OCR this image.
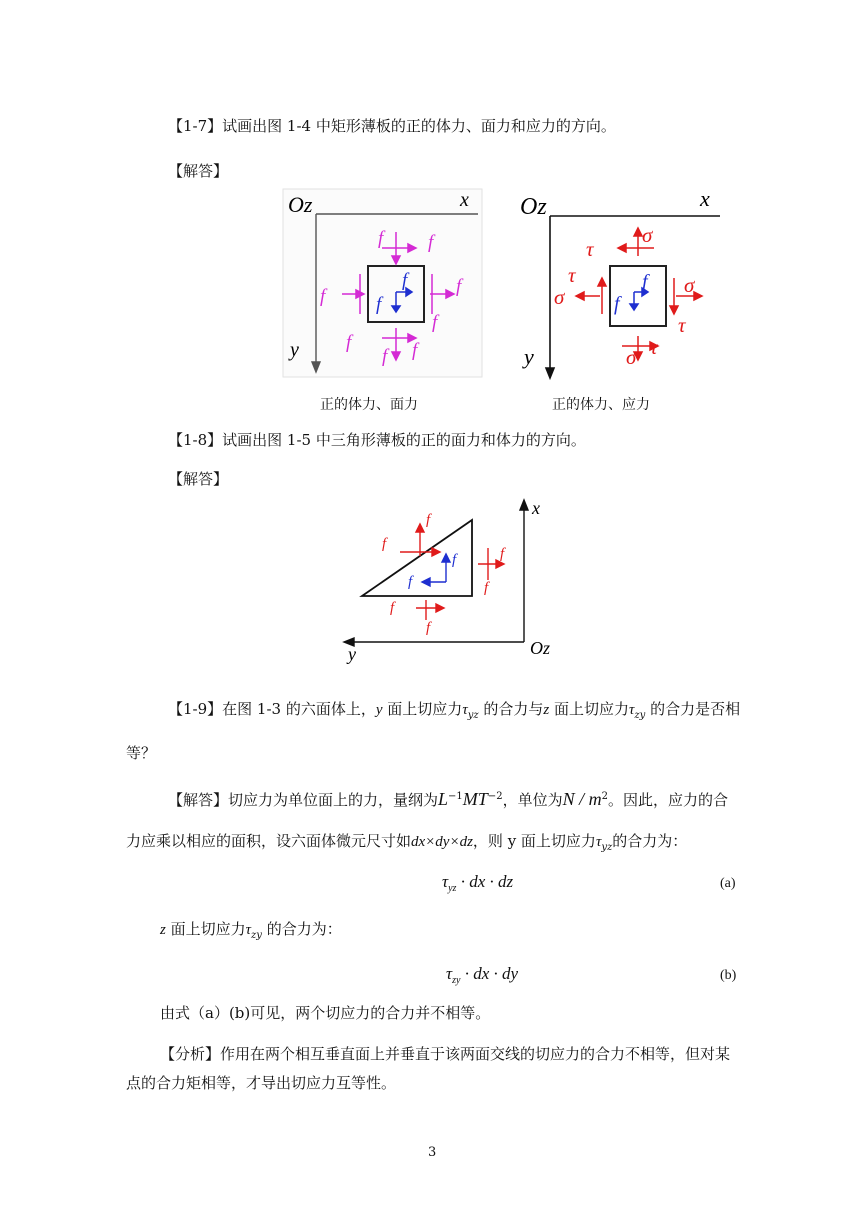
【1-7】试画出图 1-4 中矩形薄板的正的体力、面力和应力的方向。
【解答】
Oz	x
y
f f
f	f
f
f f
f
f
f
Oz	x
y
σ
σ
σ
σ
τ
τ
τ
τ
f
f
正的体力、面力	正的体力、应力
【1-8】试画出图 1-5 中三角形薄板的正的面力和体力的方向。
【解答】
x
y	Oz
f
f
f
f
f
f
f
f
【1-9】在图 1-3 的六面体上，y 面上切应力$\tau_{yz}$ 的合力与z 面上切应力$\tau_{zy}$ 的合力是否相
等？
【解答】切应力为单位面上的力，量纲为$L^{-1}MT^{-2}$，单位为N / $m^2$。因此，应力的合
力应乘以相应的面积，设六面体微元尺寸如dx×dy×dz，则 y 面上切应力$\tau_{yz}$的合力为：
$\tau_{yz}$ · dx · dz	(a)
z 面上切应力$\tau_{zy}$ 的合力为：
$\tau_{zy}$ · dx · dy	(b)
由式（a）(b)可见，两个切应力的合力并不相等。
【分析】作用在两个相互垂直面上并垂直于该两面交线的切应力的合力不相等，但对某
点的合力矩相等，才导出切应力互等性。
3
